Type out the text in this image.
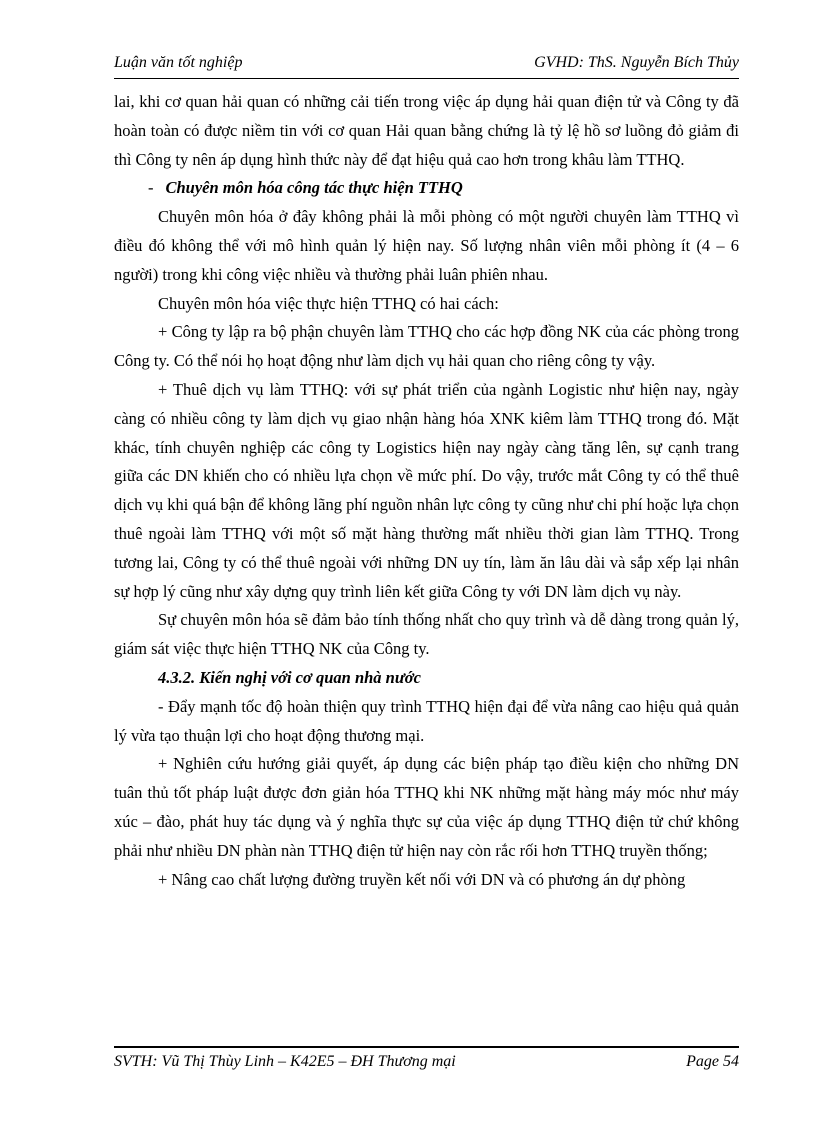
Luận văn tốt nghiệp	GVHD: ThS. Nguyễn Bích Thủy

lai, khi cơ quan hải quan có những cải tiến trong việc áp dụng hải quan điện tử và Công ty đã hoàn toàn có được niềm tin với cơ quan Hải quan bằng chứng là tỷ lệ hồ sơ luồng đỏ giảm đi thì Công ty nên áp dụng hình thức này để đạt hiệu quả cao hơn trong khâu làm TTHQ.

- Chuyên môn hóa công tác thực hiện TTHQ

Chuyên môn hóa ở đây không phải là mỗi phòng có một người chuyên làm TTHQ vì điều đó không thể với mô hình quản lý hiện nay. Số lượng nhân viên mỗi phòng ít (4 – 6 người) trong khi công việc nhiều và thường phải luân phiên nhau.

Chuyên môn hóa việc thực hiện TTHQ có hai cách:

+ Công ty lập ra bộ phận chuyên làm TTHQ cho các hợp đồng NK của các phòng trong Công ty. Có thể nói họ hoạt động như làm dịch vụ hải quan cho riêng công ty vậy.

+ Thuê dịch vụ làm TTHQ: với sự phát triển của ngành Logistic như hiện nay, ngày càng có nhiều công ty làm dịch vụ giao nhận hàng hóa XNK kiêm làm TTHQ trong đó. Mặt khác, tính chuyên nghiệp các công ty Logistics hiện nay ngày càng tăng lên, sự cạnh trang giữa các DN khiến cho có nhiều lựa chọn về mức phí. Do vậy, trước mắt Công ty có thể thuê dịch vụ khi quá bận để không lãng phí nguồn nhân lực công ty cũng như chi phí hoặc lựa chọn thuê ngoài làm TTHQ với một số mặt hàng thường mất nhiều thời gian làm TTHQ. Trong tương lai, Công ty có thể thuê ngoài với những DN uy tín, làm ăn lâu dài và sắp xếp lại nhân sự hợp lý cũng như xây dựng quy trình liên kết giữa Công ty với DN làm dịch vụ này.

Sự chuyên môn hóa sẽ đảm bảo tính thống nhất cho quy trình và dễ dàng trong quản lý, giám sát việc thực hiện TTHQ NK của Công ty.

4.3.2. Kiến nghị với cơ quan nhà nước

- Đẩy mạnh tốc độ hoàn thiện quy trình TTHQ hiện đại để vừa nâng cao hiệu quả quản lý vừa tạo thuận lợi cho hoạt động thương mại.

+ Nghiên cứu hướng giải quyết, áp dụng các biện pháp tạo điều kiện cho những DN tuân thủ tốt pháp luật được đơn giản hóa TTHQ khi NK những mặt hàng máy móc như máy xúc – đào, phát huy tác dụng và ý nghĩa thực sự của việc áp dụng TTHQ điện tử chứ không phải như nhiều DN phàn nàn TTHQ điện tử hiện nay còn rắc rối hơn TTHQ truyền thống;

+ Nâng cao chất lượng đường truyền kết nối với DN và có phương án dự phòng

SVTH: Vũ Thị Thùy Linh – K42E5 – ĐH Thương mại	Page 54
